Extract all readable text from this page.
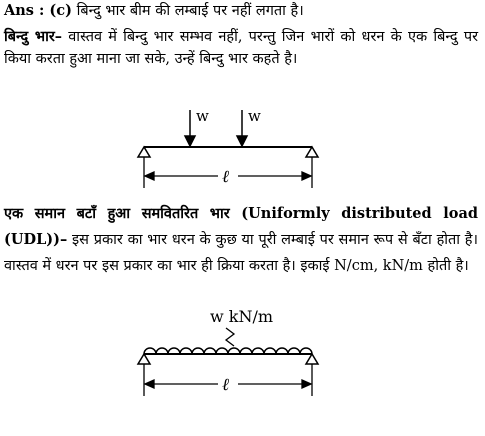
Ans : (c) बिन्दु भार बीम की लम्बाई पर नहीं लगता है।

बिन्दु भार– वास्तव में बिन्दु भार सम्भव नहीं, परन्तु जिन भारों को धरन के एक बिन्दु पर किया करता हुआ माना जा सके, उन्हें बिन्दु भार कहते है।

w	w
ℓ

एक समान बटाँ हुआ समवितरित भार (Uniformly distributed load (UDL))– इस प्रकार का भार धरन के कुछ या पूरी लम्बाई पर समान रूप से बँटा होता है। वास्तव में धरन पर इस प्रकार का भार ही क्रिया करता है। इकाई N/cm, kN/m होती है।

w kN/m
ℓ
